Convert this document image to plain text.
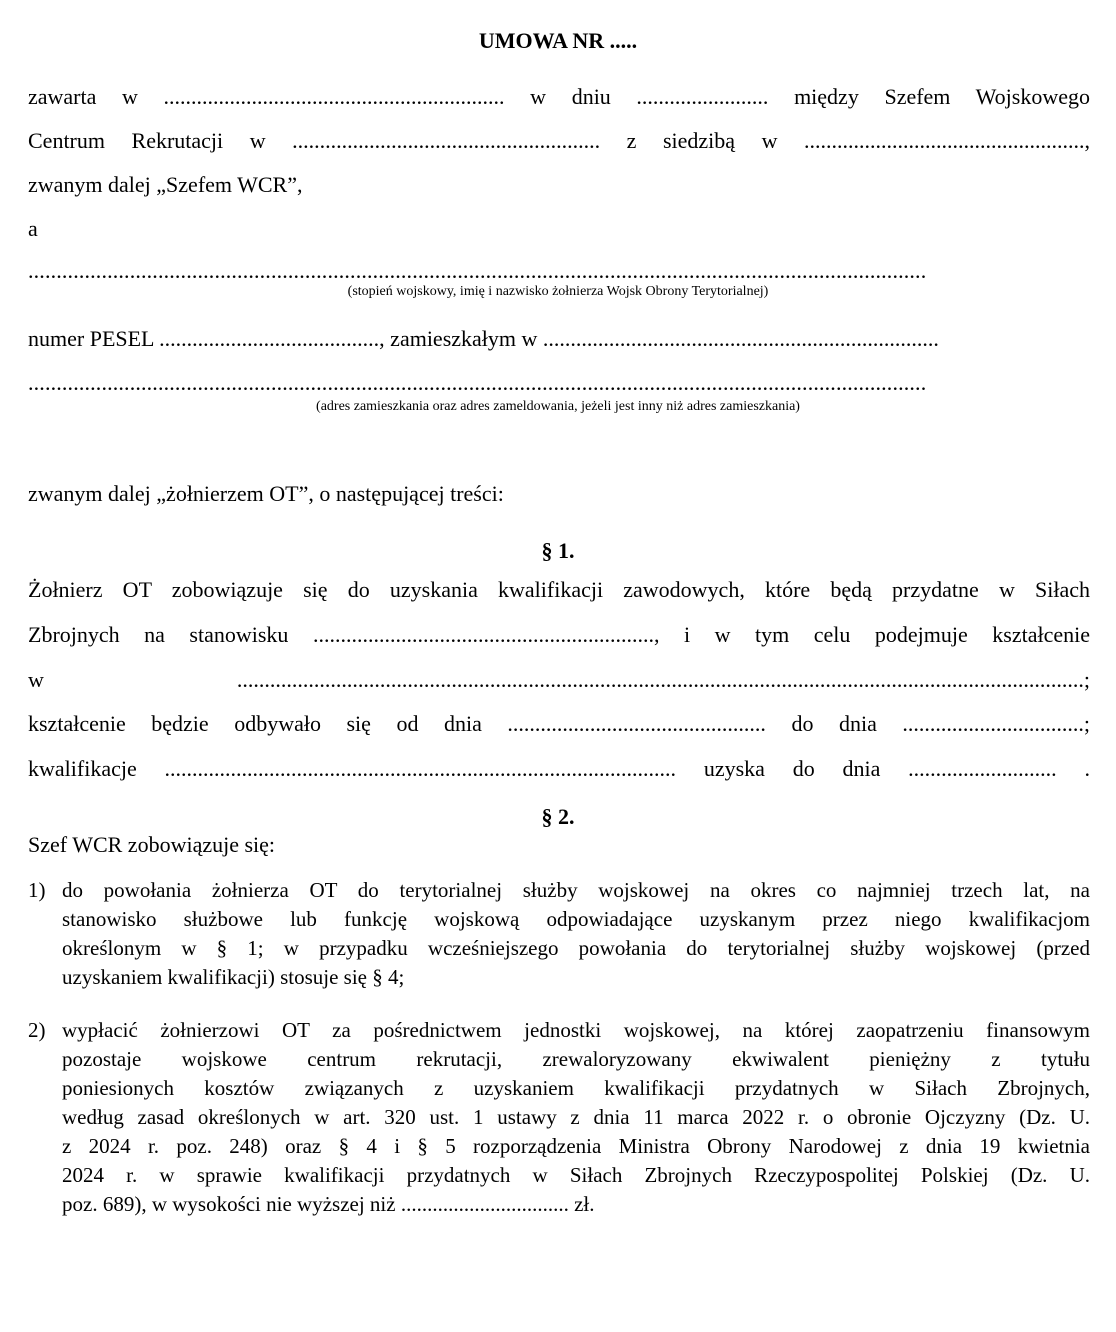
UMOWA NR .....
zawarta w .............................................................. w dniu ........................ między Szefem Wojskowego
Centrum Rekrutacji w ........................................................ z siedzibą w ...................................................,
zwanym dalej „Szefem WCR”,
a
...............................................................................................................................................................
(stopień wojskowy, imię i nazwisko żołnierza Wojsk Obrony Terytorialnej)
numer PESEL ........................................, zamieszkałym w ........................................................................
...............................................................................................................................................................
(adres zamieszkania oraz adres zameldowania, jeżeli jest inny niż adres zamieszkania)
zwanym dalej „żołnierzem OT”, o następującej treści:
§ 1.
Żołnierz OT zobowiązuje się do uzyskania kwalifikacji zawodowych, które będą przydatne w Siłach
Zbrojnych na stanowisku .............................................................., i w tym celu podejmuje kształcenie
w ..........................................................................................................................................................;
kształcenie będzie odbywało się od dnia ............................................... do dnia .................................;
kwalifikacje ............................................................................................. uzyska do dnia ........................... .
§ 2.
Szef WCR zobowiązuje się:
1) do powołania żołnierza OT do terytorialnej służby wojskowej na okres co najmniej trzech lat, na
stanowisko służbowe lub funkcję wojskową odpowiadające uzyskanym przez niego kwalifikacjom
określonym w § 1; w przypadku wcześniejszego powołania do terytorialnej służby wojskowej (przed
uzyskaniem kwalifikacji) stosuje się § 4;
2) wypłacić żołnierzowi OT za pośrednictwem jednostki wojskowej, na której zaopatrzeniu finansowym
pozostaje wojskowe centrum rekrutacji, zrewaloryzowany ekwiwalent pieniężny z tytułu
poniesionych kosztów związanych z uzyskaniem kwalifikacji przydatnych w Siłach Zbrojnych,
według zasad określonych w art. 320 ust. 1 ustawy z dnia 11 marca 2022 r. o obronie Ojczyzny (Dz. U.
z 2024 r. poz. 248) oraz § 4 i § 5 rozporządzenia Ministra Obrony Narodowej z dnia 19 kwietnia
2024 r. w sprawie kwalifikacji przydatnych w Siłach Zbrojnych Rzeczypospolitej Polskiej (Dz. U.
poz. 689), w wysokości nie wyższej niż ................................ zł.
